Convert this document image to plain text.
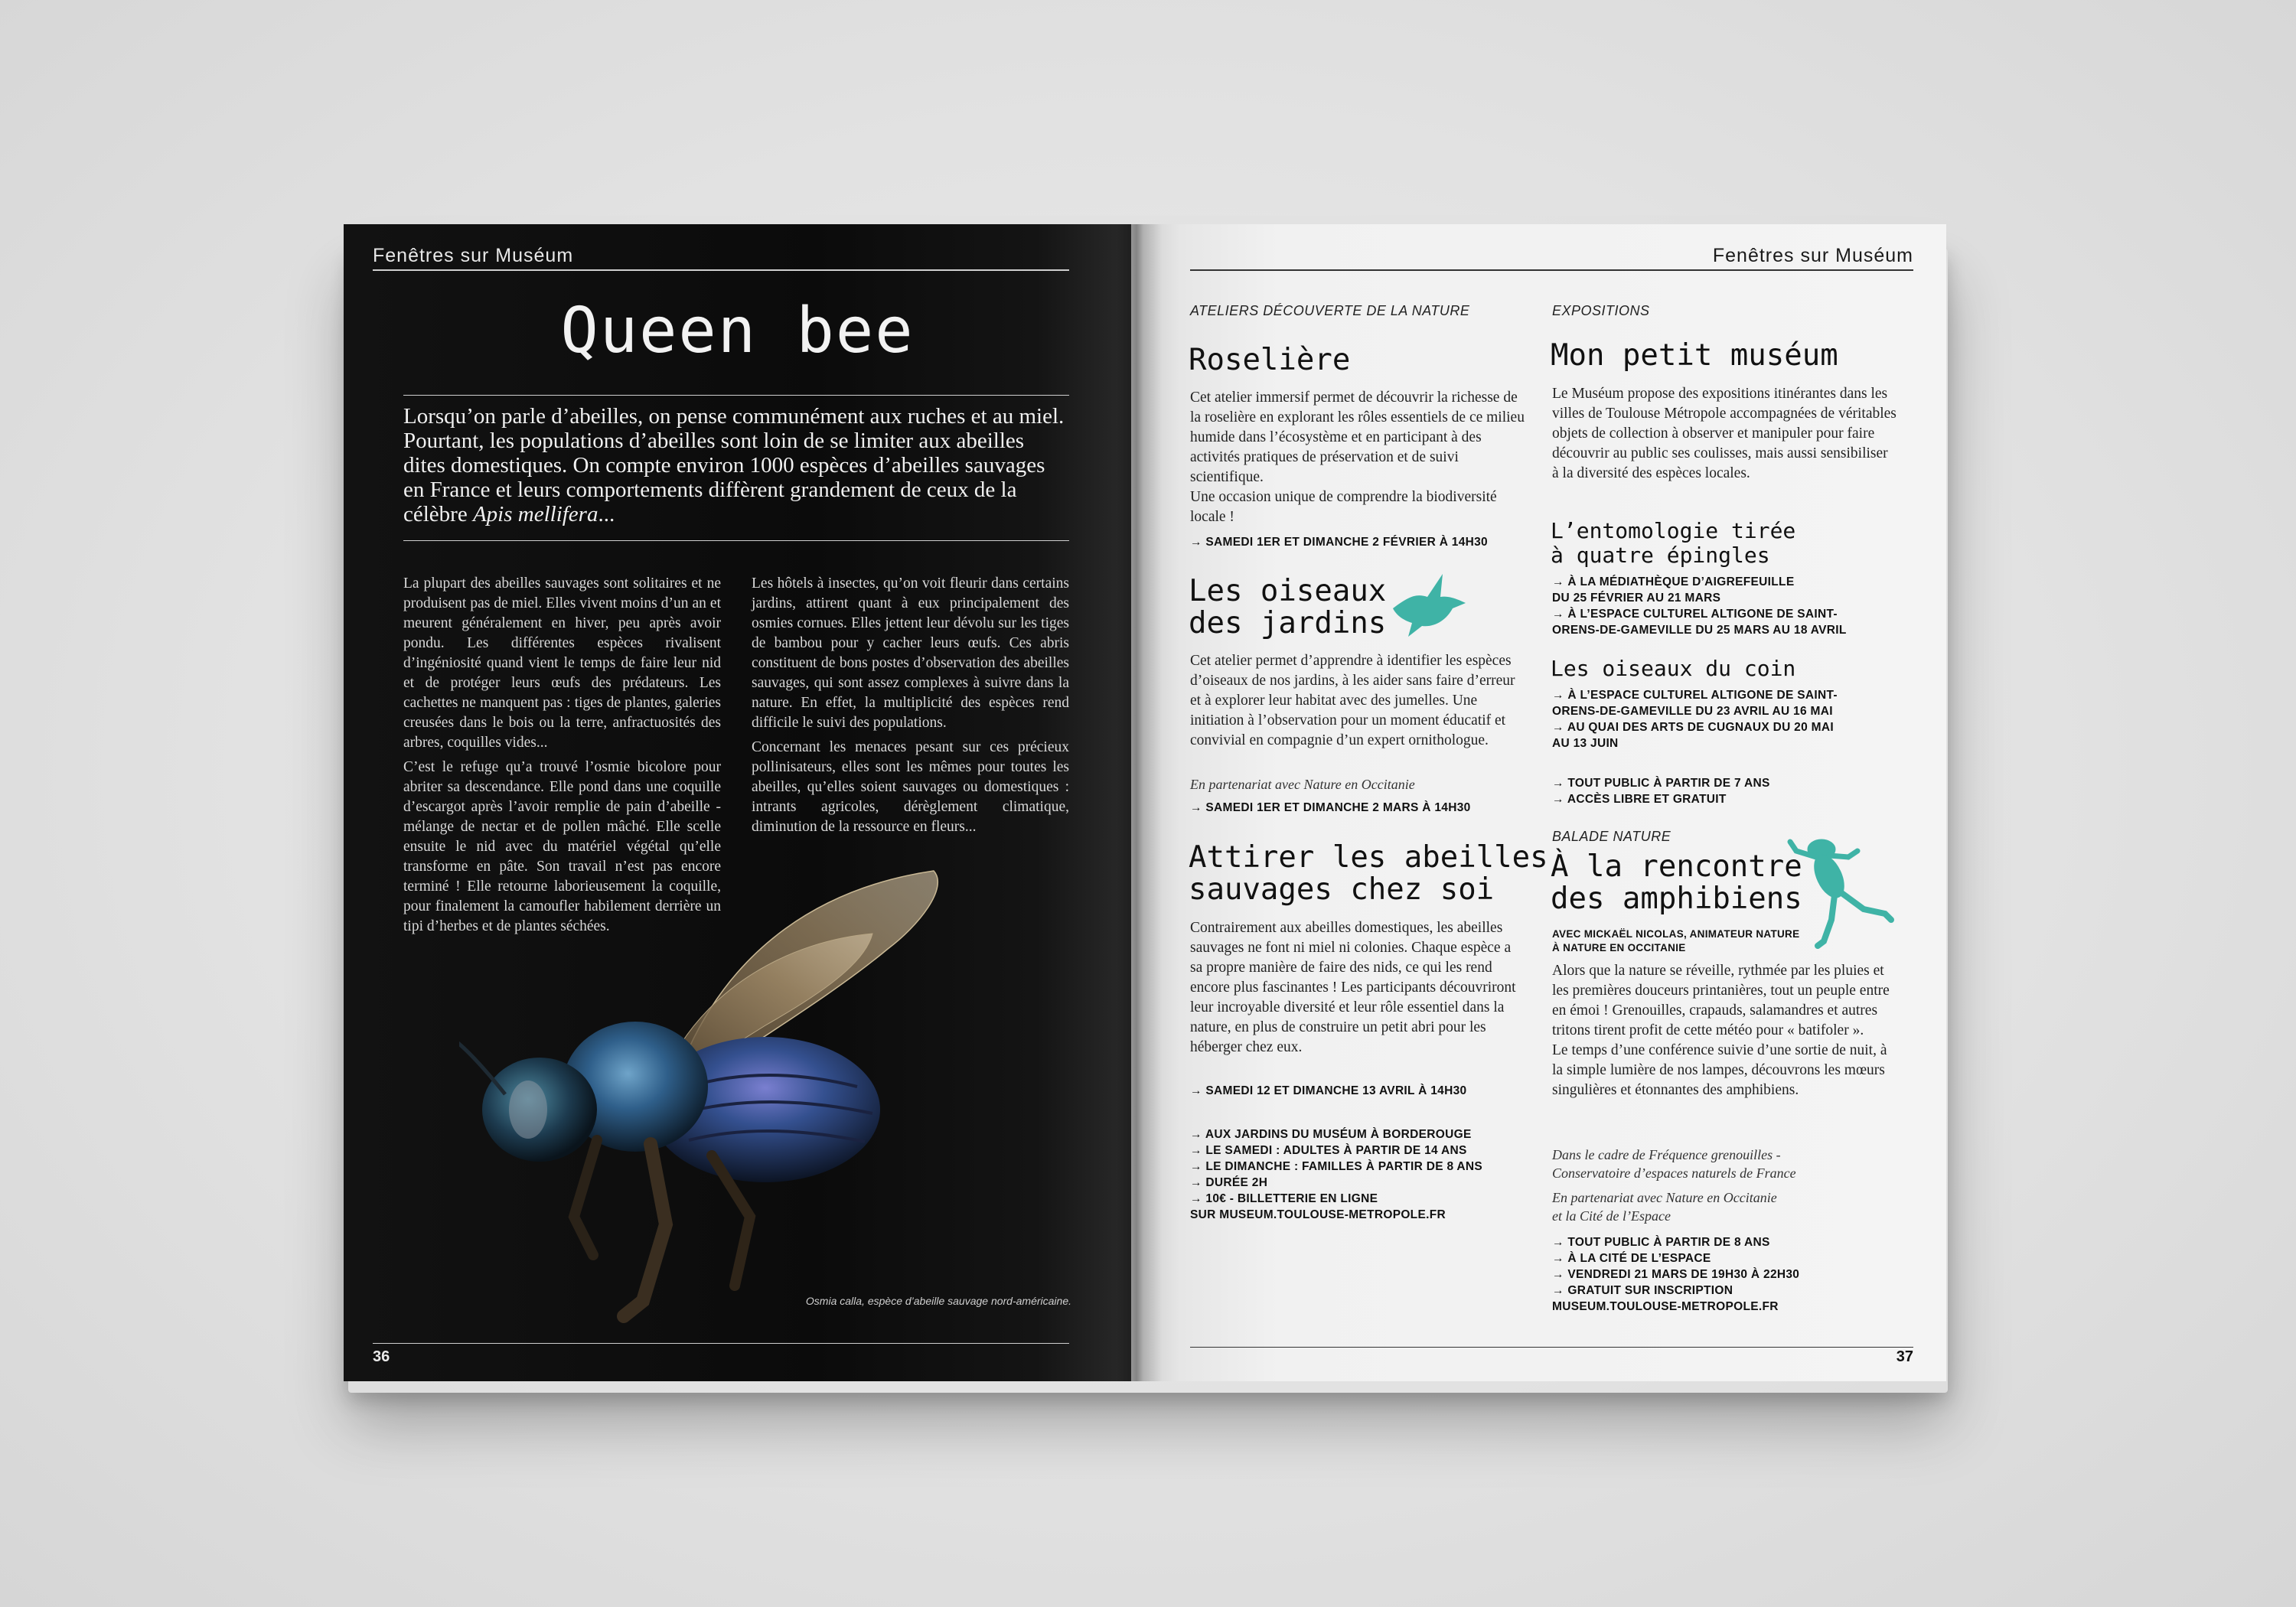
Fenêtres sur Muséum
Queen bee
Lorsqu’on parle d’abeilles, on pense communément aux ruches et au miel. Pourtant, les populations d’abeilles sont loin de se limiter aux abeilles dites domestiques. On compte environ 1000 espèces d’abeilles sauvages en France et leurs comportements diffèrent grandement de ceux de la célèbre Apis mellifera...

La plupart des abeilles sauvages sont solitaires et ne produisent pas de miel. Elles vivent moins d’un an et meurent généralement en hiver, peu après avoir pondu. Les différentes espèces rivalisent d’ingéniosité quand vient le temps de faire leur nid et de protéger leurs œufs des prédateurs. Les cachettes ne manquent pas : tiges de plantes, galeries creusées dans le bois ou la terre, anfractuosités des arbres, coquilles vides...

C’est le refuge qu’a trouvé l’osmie bicolore pour abriter sa descendance. Elle pond dans une coquille d’escargot après l’avoir remplie de pain d’abeille - mélange de nectar et de pollen mâché. Elle scelle ensuite le nid avec du matériel végétal qu’elle transforme en pâte. Son travail n’est pas encore terminé ! Elle retourne laborieusement la coquille, pour finalement la camoufler habilement derrière un tipi d’herbes et de plantes séchées.

Les hôtels à insectes, qu’on voit fleurir dans certains jardins, attirent quant à eux principalement des osmies cornues. Elles jettent leur dévolu sur les tiges de bambou pour y cacher leurs œufs. Ces abris constituent de bons postes d’observation des abeilles sauvages, qui sont assez complexes à suivre dans la nature. En effet, la multiplicité des espèces rend difficile le suivi des populations.

Concernant les menaces pesant sur ces précieux pollinisateurs, elles sont les mêmes pour toutes les abeilles, qu’elles soient sauvages ou domestiques : intrants agricoles, dérèglement climatique, diminution de la ressource en fleurs...

Osmia calla, espèce d’abeille sauvage nord-américaine.
36
Fenêtres sur Muséum
ATELIERS DÉCOUVERTE DE LA NATURE
Roselière

Cet atelier immersif permet de découvrir la richesse de la roselière en explorant les rôles essentiels de ce milieu humide dans l’écosystème et en participant à des activités pratiques de préservation et de suivi scientifique.

Une occasion unique de comprendre la biodiversité locale !

→ SAMEDI 1ER ET DIMANCHE 2 FÉVRIER À 14H30
Les oiseaux
des jardins
Cet atelier permet d’apprendre à identifier les espèces d’oiseaux de nos jardins, à les aider sans faire d’erreur et à explorer leur habitat avec des jumelles. Une initiation à l’observation pour un moment éducatif et convivial en compagnie d’un expert ornithologue.
En partenariat avec Nature en Occitanie
→ SAMEDI 1ER ET DIMANCHE 2 MARS À 14H30
Attirer les abeilles
sauvages chez soi
Contrairement aux abeilles domestiques, les abeilles sauvages ne font ni miel ni colonies. Chaque espèce a sa propre manière de faire des nids, ce qui les rend encore plus fascinantes ! Les participants découvriront leur incroyable diversité et leur rôle essentiel dans la nature, en plus de construire un petit abri pour les héberger chez eux.
→ SAMEDI 12 ET DIMANCHE 13 AVRIL À 14H30
→ AUX JARDINS DU MUSÉUM À BORDEROUGE
→ LE SAMEDI : ADULTES À PARTIR DE 14 ANS
→ LE DIMANCHE : FAMILLES À PARTIR DE 8 ANS
→ DURÉE 2H
→ 10€ - BILLETTERIE EN LIGNE
SUR MUSEUM.TOULOUSE-METROPOLE.FR
EXPOSITIONS
Mon petit muséum
Le Muséum propose des expositions itinérantes dans les villes de Toulouse Métropole accompagnées de véritables objets de collection à observer et manipuler pour faire découvrir au public ses coulisses, mais aussi sensibiliser à la diversité des espèces locales.
L’entomologie tirée
à quatre épingles
→ À LA MÉDIATHÈQUE D’AIGREFEUILLE
DU 25 FÉVRIER AU 21 MARS
→ À L’ESPACE CULTUREL ALTIGONE DE SAINT-
ORENS-DE-GAMEVILLE DU 25 MARS AU 18 AVRIL
Les oiseaux du coin
→ À L’ESPACE CULTUREL ALTIGONE DE SAINT-
ORENS-DE-GAMEVILLE DU 23 AVRIL AU 16 MAI
→ AU QUAI DES ARTS DE CUGNAUX DU 20 MAI
AU 13 JUIN
→ TOUT PUBLIC À PARTIR DE 7 ANS
→ ACCÈS LIBRE ET GRATUIT
BALADE NATURE
À la rencontre
des amphibiens
AVEC MICKAËL NICOLAS, ANIMATEUR NATURE
À NATURE EN OCCITANIE

Alors que la nature se réveille, rythmée par les pluies et les premières douceurs printanières, tout un peuple entre en émoi ! Grenouilles, crapauds, salamandres et autres tritons tirent profit de cette météo pour « batifoler ».

Le temps d’une conférence suivie d’une sortie de nuit, à la simple lumière de nos lampes, découvrons les mœurs singulières et étonnantes des amphibiens.

Dans le cadre de Fréquence grenouilles -
Conservatoire d’espaces naturels de France
En partenariat avec Nature en Occitanie
et la Cité de l’Espace
→ TOUT PUBLIC À PARTIR DE 8 ANS
→ À LA CITÉ DE L’ESPACE
→ VENDREDI 21 MARS DE 19H30 À 22H30
→ GRATUIT SUR INSCRIPTION
MUSEUM.TOULOUSE-METROPOLE.FR
37
